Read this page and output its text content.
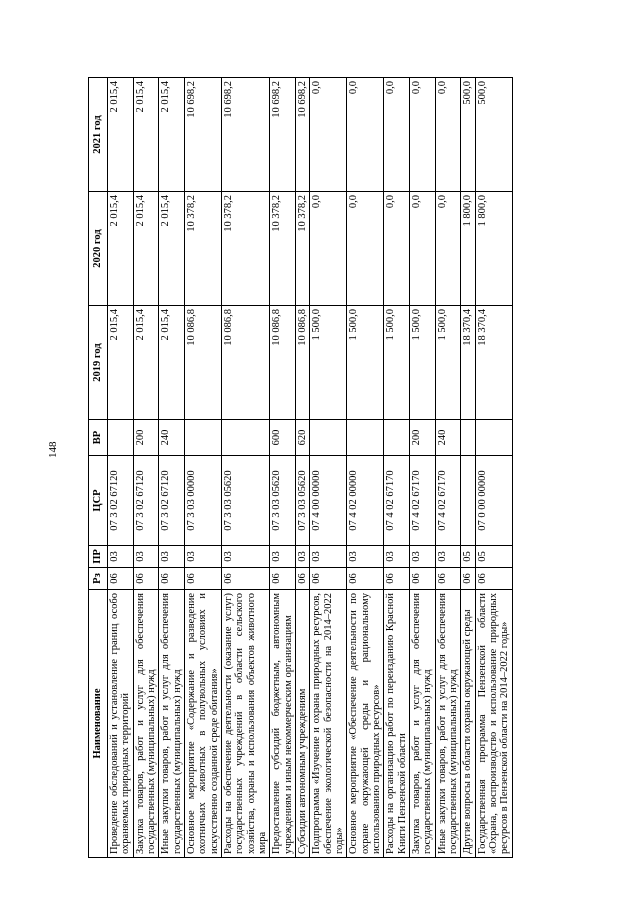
148
Наименование	Рз	ПР	ЦСР	ВР	2019 год	2020 год	2021 год
Проведение обследований и установление границ особо охраняемых природных территорий	06	03	07 3 02 67120		2 015,4	2 015,4	2 015,4
Закупка товаров, работ и услуг для обеспечения государственных (муниципальных) нужд	06	03	07 3 02 67120	200	2 015,4	2 015,4	2 015,4
Иные закупки товаров, работ и услуг для обеспечения государственных (муниципальных) нужд	06	03	07 3 02 67120	240	2 015,4	2 015,4	2 015,4
Основное мероприятие «Содержание и разведение охотничьих животных в полувольных условиях и искусственно созданной среде обитания»	06	03	07 3 03 00000		10 086,8	10 378,2	10 698,2
Расходы на обеспечение деятельности (оказание услуг) государственных учреждений в области сельского хозяйства, охраны и использования объектов животного мира	06	03	07 3 03 05620		10 086,8	10 378,2	10 698,2
Предоставление субсидий бюджетным, автономным учреждениям и иным некоммерческим организациям	06	03	07 3 03 05620	600	10 086,8	10 378,2	10 698,2
Субсидии автономным учреждениям	06	03	07 3 03 05620	620	10 086,8	10 378,2	10 698,2
Подпрограмма «Изучение и охрана природных ресурсов, обеспечение экологической безопасности на 2014–2022 годы»	06	03	07 4 00 00000		1 500,0	0,0	0,0
Основное мероприятие «Обеспечение деятельности по охране окружающей среды и рациональному использованию природных ресурсов»	06	03	07 4 02 00000		1 500,0	0,0	0,0
Расходы на организацию работ по переизданию Красной Книги Пензенской области	06	03	07 4 02 67170		1 500,0	0,0	0,0
Закупка товаров, работ и услуг для обеспечения государственных (муниципальных) нужд	06	03	07 4 02 67170	200	1 500,0	0,0	0,0
Иные закупки товаров, работ и услуг для обеспечения государственных (муниципальных) нужд	06	03	07 4 02 67170	240	1 500,0	0,0	0,0
Другие вопросы в области охраны окружающей среды	06	05			18 370,4	1 800,0	500,0
Государственная программа Пензенской области «Охрана, воспроизводство и использование природных ресурсов в Пензенской области на 2014–2022 годы»	06	05	07 0 00 00000		18 370,4	1 800,0	500,0
